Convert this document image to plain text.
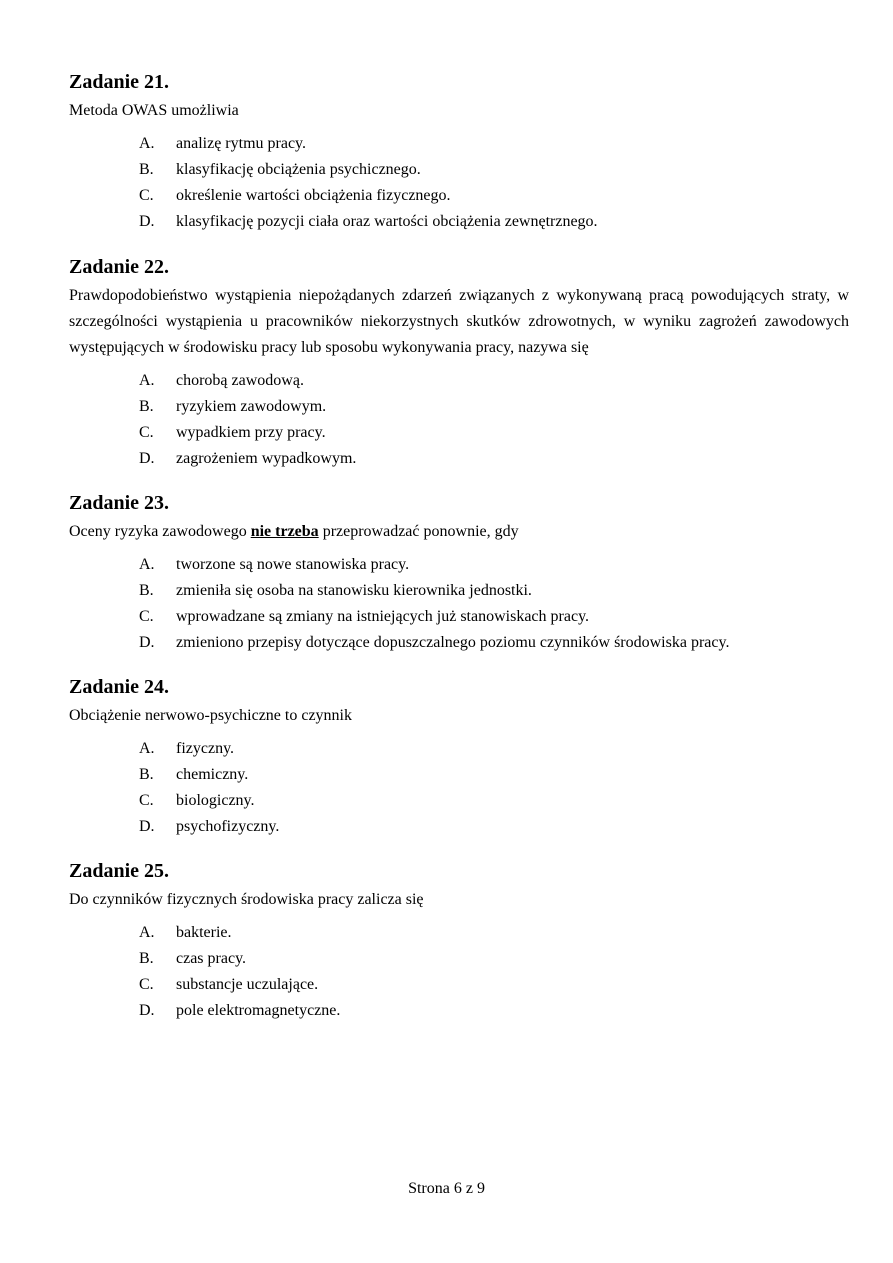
Zadanie 21.

Metoda OWAS umożliwia

A.	analizę rytmu pracy.
B.	klasyfikację obciążenia psychicznego.
C.	określenie wartości obciążenia fizycznego.
D.	klasyfikację pozycji ciała oraz wartości obciążenia zewnętrznego.
Zadanie 22.

Prawdopodobieństwo wystąpienia niepożądanych zdarzeń związanych z wykonywaną pracą powodujących straty, w szczególności wystąpienia u pracowników niekorzystnych skutków zdrowotnych, w wyniku zagrożeń zawodowych występujących w środowisku pracy lub sposobu wykonywania pracy, nazywa się

A.	chorobą zawodową.
B.	ryzykiem zawodowym.
C.	wypadkiem przy pracy.
D.	zagrożeniem wypadkowym.
Zadanie 23.

Oceny ryzyka zawodowego nie trzeba przeprowadzać ponownie, gdy

A.	tworzone są nowe stanowiska pracy.
B.	zmieniła się osoba na stanowisku kierownika jednostki.
C.	wprowadzane są zmiany na istniejących już stanowiskach pracy.
D.	zmieniono przepisy dotyczące dopuszczalnego poziomu czynników środowiska pracy.
Zadanie 24.

Obciążenie nerwowo-psychiczne to czynnik

A.	fizyczny.
B.	chemiczny.
C.	biologiczny.
D.	psychofizyczny.
Zadanie 25.

Do czynników fizycznych środowiska pracy zalicza się

A.	bakterie.
B.	czas pracy.
C.	substancje uczulające.
D.	pole elektromagnetyczne.
Strona 6 z 9
